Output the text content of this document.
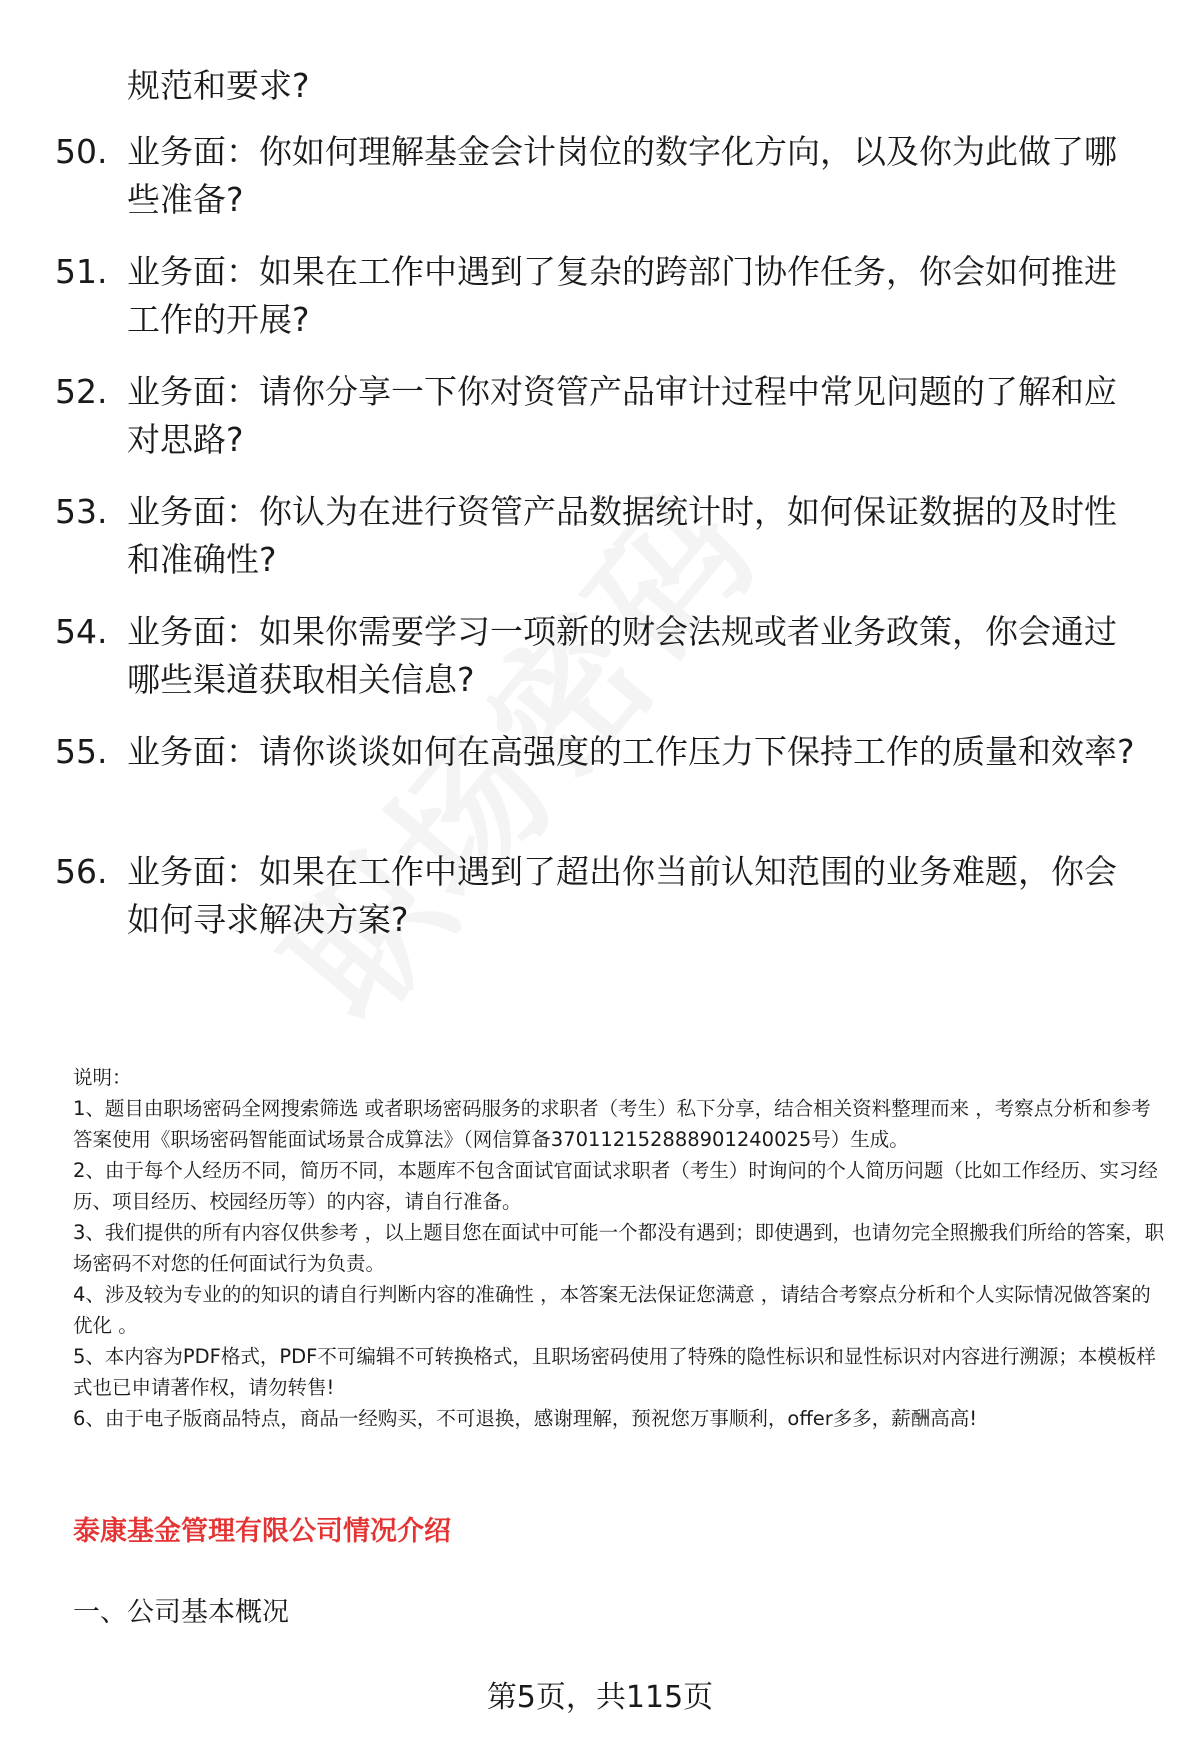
规范和要求?
50. 业务面：你如何理解基金会计岗位的数字化方向，以及你为此做了哪些准备?
51. 业务面：如果在工作中遇到了复杂的跨部门协作任务，你会如何推进工作的开展?
52. 业务面：请你分享一下你对资管产品审计过程中常见问题的了解和应对思路?
53. 业务面：你认为在进行资管产品数据统计时，如何保证数据的及时性和准确性?
54. 业务面：如果你需要学习一项新的财会法规或者业务政策，你会通过哪些渠道获取相关信息?
55. 业务面：请你谈谈如何在高强度的工作压力下保持工作的质量和效率?
56. 业务面：如果在工作中遇到了超出你当前认知范围的业务难题，你会如何寻求解决方案?

说明：

1、题目由职场密码全网搜索筛选 或者职场密码服务的求职者（考生）私下分享，结合相关资料整理而来 ，考察点分析和参考答案使用《职场密码智能面试场景合成算法》（网信算备370112152888901240025号）生成。

2、由于每个人经历不同，简历不同，本题库不包含面试官面试求职者（考生）时询问的个人简历问题（比如工作经历、实习经历、项目经历、校园经历等）的内容，请自行准备。

3、我们提供的所有内容仅供参考 ，以上题目您在面试中可能一个都没有遇到；即使遇到，也请勿完全照搬我们所给的答案，职场密码不对您的任何面试行为负责。

4、涉及较为专业的的知识的请自行判断内容的准确性 ，本答案无法保证您满意 ，请结合考察点分析和个人实际情况做答案的优化 。

5、本内容为PDF格式，PDF不可编辑不可转换格式，且职场密码使用了特殊的隐性标识和显性标识对内容进行溯源；本模板样式也已申请著作权，请勿转售!

6、由于电子版商品特点，商品一经购买，不可退换，感谢理解，预祝您万事顺利，offer多多，薪酬高高!

泰康基金管理有限公司情况介绍
一、公司基本概况
第5页，共115页
